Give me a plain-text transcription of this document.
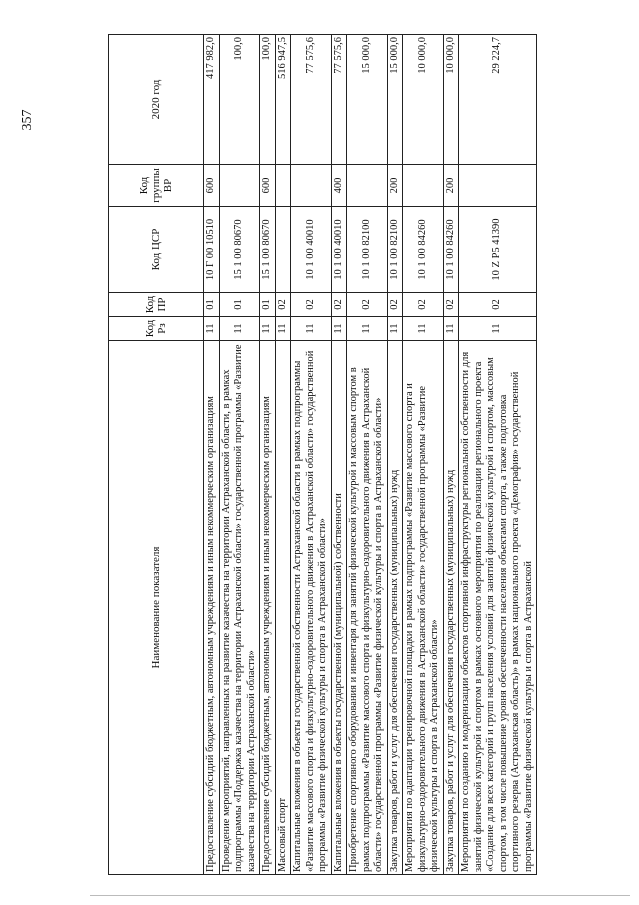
357
Наименование показателя	Код Рз	Код ПР	Код ЦСР	Код группы ВР	2020 год
Предоставление субсидий бюджетным, автономным учреждениям и иным некоммерческим организациям	11	01	10 Г 00 10510	600	417 982,0
Проведение мероприятий, направленных на развитие казачества на территории Астраханской области, в рамках подпрограммы «Поддержка казачества на территории Астраханской области» государственной программы «Развитие казачества на территории Астраханской области»	11	01	15 1 00 80670		100,0
Предоставление субсидий бюджетным, автономным учреждениям и иным некоммерческим организациям	11	01	15 1 00 80670	600	100,0
Массовый спорт	11	02			516 947,5
Капитальные вложения в объекты государственной собственности Астраханской области в рамках подпрограммы «Развитие массового спорта и физкультурно-оздоровительного движения в Астраханской области» государственной программы «Развитие физической культуры и спорта в Астраханской области»	11	02	10 1 00 40010		77 575,6
Капитальные вложения в объекты государственной (муниципальной) собственности	11	02	10 1 00 40010	400	77 575,6
Приобретение спортивного оборудования и инвентаря для занятий физической культурой и массовым спортом в рамках подпрограммы «Развитие массового спорта и физкультурно-оздоровительного движения в Астраханской области» государственной программы «Развитие физической культуры и спорта в Астраханской области»	11	02	10 1 00 82100		15 000,0
Закупка товаров, работ и услуг для обеспечения государственных (муниципальных) нужд	11	02	10 1 00 82100	200	15 000,0
Мероприятия по адаптации тренировочной площадки в рамках подпрограммы «Развитие массового спорта и физкультурно-оздоровительного движения в Астраханской области» государственной программы «Развитие физической культуры и спорта в Астраханской области»	11	02	10 1 00 84260		10 000,0
Закупка товаров, работ и услуг для обеспечения государственных (муниципальных) нужд	11	02	10 1 00 84260	200	10 000,0
Мероприятия по созданию и модернизации объектов спортивной инфраструктуры региональной собственности для занятий физической культурой и спортом в рамках основного мероприятия по реализации регионального проекта «Создание для всех категорий и групп населения условий для занятий физической культурой и спортом, массовым спортом, в том числе повышение уровня обеспеченности населения объектами спорта, а также подготовка спортивного резерва (Астраханская область)» в рамках национального проекта «Демография» государственной программы «Развитие физической культуры и спорта в Астраханской	11	02	10 Z P5 41390		29 224,7
